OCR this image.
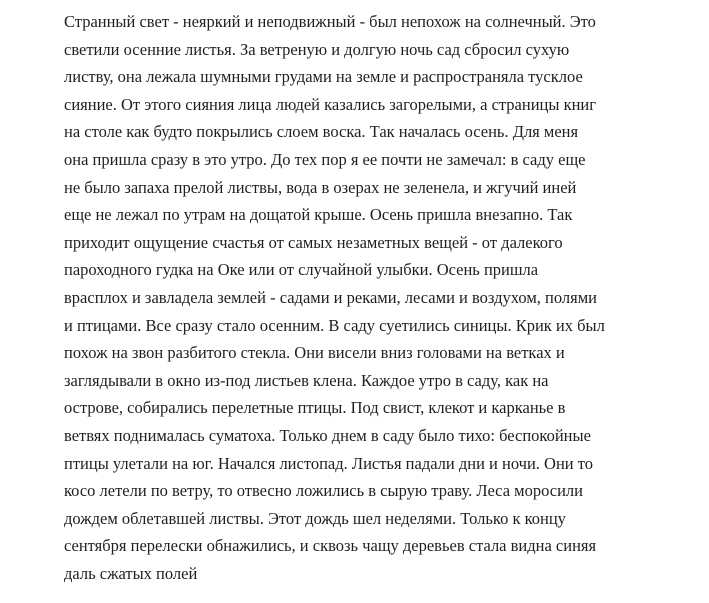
Странный свет - неяркий и неподвижный - был непохож на солнечный. Это
светили осенние листья. За ветреную и долгую ночь сад сбросил сухую
листву, она лежала шумными грудами на земле и распространяла тусклое
сияние. От этого сияния лица людей казались загорелыми, а страницы книг
на столе как будто покрылись слоем воска. Так началась осень. Для меня
она пришла сразу в это утро. До тех пор я ее почти не замечал: в саду еще
не было запаха прелой листвы, вода в озерах не зеленела, и жгучий иней
еще не лежал по утрам на дощатой крыше. Осень пришла внезапно. Так
приходит ощущение счастья от самых незаметных вещей - от далекого
пароходного гудка на Оке или от случайной улыбки. Осень пришла
врасплох и завладела землей - садами и реками, лесами и воздухом, полями
и птицами. Все сразу стало осенним. В саду суетились синицы. Крик их был
похож на звон разбитого стекла. Они висели вниз головами на ветках и
заглядывали в окно из-под листьев клена. Каждое утро в саду, как на
острове, собирались перелетные птицы. Под свист, клекот и карканье в
ветвях поднималась суматоха. Только днем в саду было тихо: беспокойные
птицы улетали на юг. Начался листопад. Листья падали дни и ночи. Они то
косо летели по ветру, то отвесно ложились в сырую траву. Леса моросили
дождем облетавшей листвы. Этот дождь шел неделями. Только к концу
сентября перелески обнажились, и сквозь чащу деревьев стала видна синяя
даль сжатых полей
